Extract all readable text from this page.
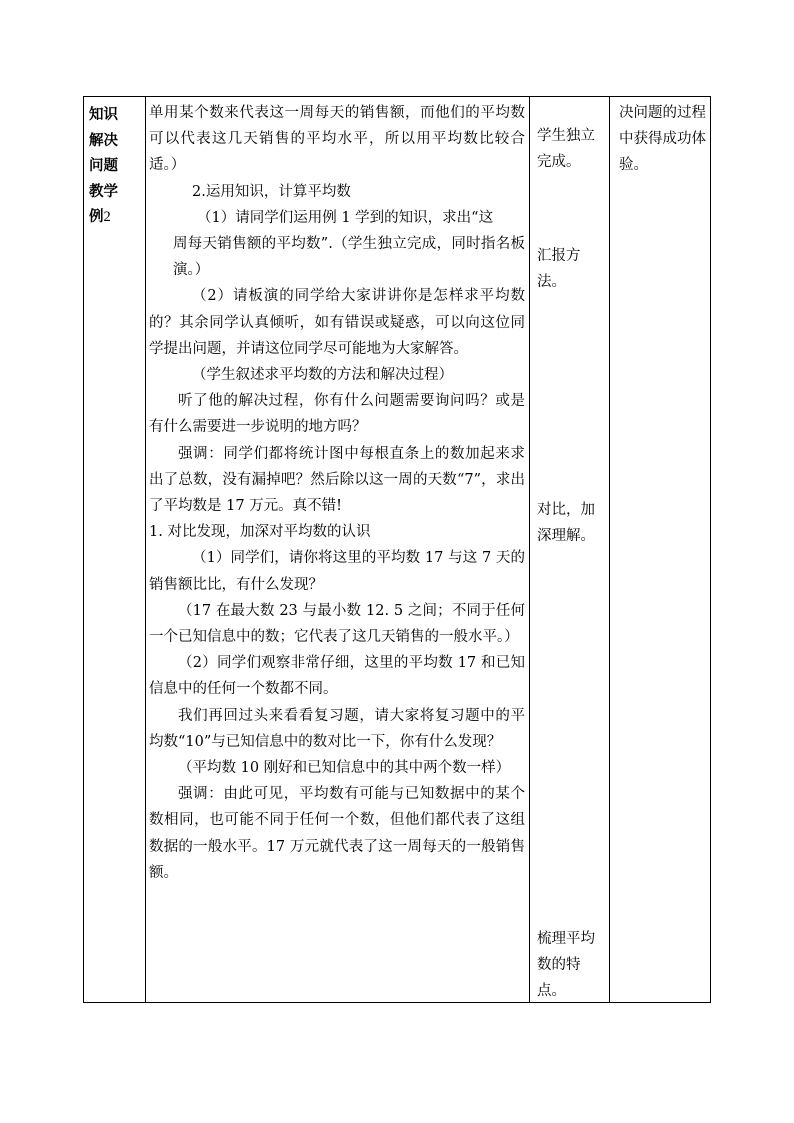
知识解决问题教学例2

单用某个数来代表这一周每天的销售额，而他们的平均数可以代表这几天销售的平均水平，所以用平均数比较合适。）

2.运用知识，计算平均数

（1）请同学们运用例 1 学到的知识，求出“这

周每天销售额的平均数”.（学生独立完成，同时指名板演。）

（2）请板演的同学给大家讲讲你是怎样求平均数的？其余同学认真倾听，如有错误或疑惑，可以向这位同学提出问题，并请这位同学尽可能地为大家解答。

（学生叙述求平均数的方法和解决过程）

听了他的解决过程，你有什么问题需要询问吗？或是有什么需要进一步说明的地方吗？

强调：同学们都将统计图中每根直条上的数加起来求出了总数，没有漏掉吧？然后除以这一周的天数“7”，求出了平均数是 17 万元。真不错!

1. 对比发现，加深对平均数的认识

（1）同学们，请你将这里的平均数 17 与这 7 天的销售额比比，有什么发现？

（17 在最大数 23 与最小数 12. 5 之间；不同于任何一个已知信息中的数；它代表了这几天销售的一般水平。）

（2）同学们观察非常仔细，这里的平均数 17 和已知信息中的任何一个数都不同。

我们再回过头来看看复习题，请大家将复习题中的平均数“10”与已知信息中的数对比一下，你有什么发现？

（平均数 10 刚好和已知信息中的其中两个数一样）

强调：由此可见，平均数有可能与已知数据中的某个数相同，也可能不同于任何一个数，但他们都代表了这组数据的一般水平。17 万元就代表了这一周每天的一般销售额。

学生独立完成。
汇报方法。
对比，加深理解。
梳理平均数的特点。
决问题的过程中获得成功体验。
